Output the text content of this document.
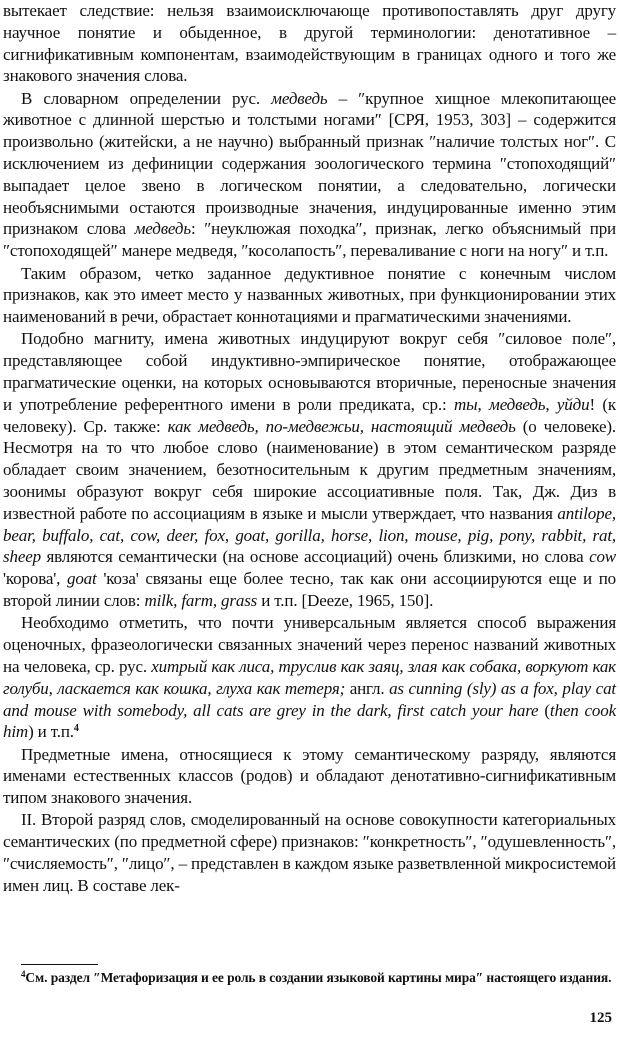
вытекает следствие: нельзя взаимоисключающе противопоставлять друг другу научное понятие и обыденное, в другой терминологии: денотативное – сигнификативным компонентам, взаимодействующим в границах одного и того же знакового значения слова.

В словарном определении рус. медведь – ″крупное хищное млекопитающее животное с длинной шерстью и толстыми ногами″ [СРЯ, 1953, 303] – содержится произвольно (житейски, а не научно) выбранный признак ″наличие толстых ног″. С исключением из дефиниции содержания зоологического термина ″стопоходящий″ выпадает целое звено в логическом понятии, а следовательно, логически необъяснимыми остаются производные значения, индуцированные именно этим признаком слова медведь: ″неуклюжая походка″, признак, легко объяснимый при ″стопоходящей″ манере медведя, ″косолапость″, переваливание с ноги на ногу″ и т.п.

Таким образом, четко заданное дедуктивное понятие с конечным числом признаков, как это имеет место у названных животных, при функционировании этих наименований в речи, обрастает коннотациями и прагматическими значениями.

Подобно магниту, имена животных индуцируют вокруг себя ″силовое поле″, представляющее собой индуктивно-эмпирическое понятие, отображающее прагматические оценки, на которых основываются вторичные, переносные значения и употребление референтного имени в роли предиката, ср.: ты, медведь, уйди! (к человеку). Ср. также: как медведь, по-медвежьи, настоящий медведь (о человеке). Несмотря на то что любое слово (наименование) в этом семантическом разряде обладает своим значением, безотносительным к другим предметным значениям, зоонимы образуют вокруг себя широкие ассоциативные поля. Так, Дж. Диз в известной работе по ассоциациям в языке и мысли утверждает, что названия antilope, bear, buffalo, cat, cow, deer, fox, goat, gorilla, horse, lion, mouse, pig, pony, rabbit, rat, sheep являются семантически (на основе ассоциаций) очень близкими, но слова cow 'корова', goat 'коза' связаны еще более тесно, так как они ассоциируются еще и по второй линии слов: milk, farm, grass и т.п. [Deeze, 1965, 150].

Необходимо отметить, что почти универсальным является способ выражения оценочных, фразеологически связанных значений через перенос названий животных на человека, ср. рус. хитрый как лиса, труслив как заяц, злая как собака, воркуют как голуби, ласкается как кошка, глуха как тетеря; англ. as cunning (sly) as a fox, play cat and mouse with somebody, all cats are grey in the dark, first catch your hare (then cook him) и т.п.$^4$

Предметные имена, относящиеся к этому семантическому разряду, являются именами естественных классов (родов) и обладают денотативно-сигнификативным типом знакового значения.

II. Второй разряд слов, смоделированный на основе совокупности категориальных семантических (по предметной сфере) признаков: ″конкретность″, ″одушевленность″, ″счисляемость″, ″лицо″, – представлен в каждом языке разветвленной микросистемой имен лиц. В составе лек-

$^4$См. раздел ″Метафоризация и ее роль в создании языковой картины мира″ настоящего издания.
125
